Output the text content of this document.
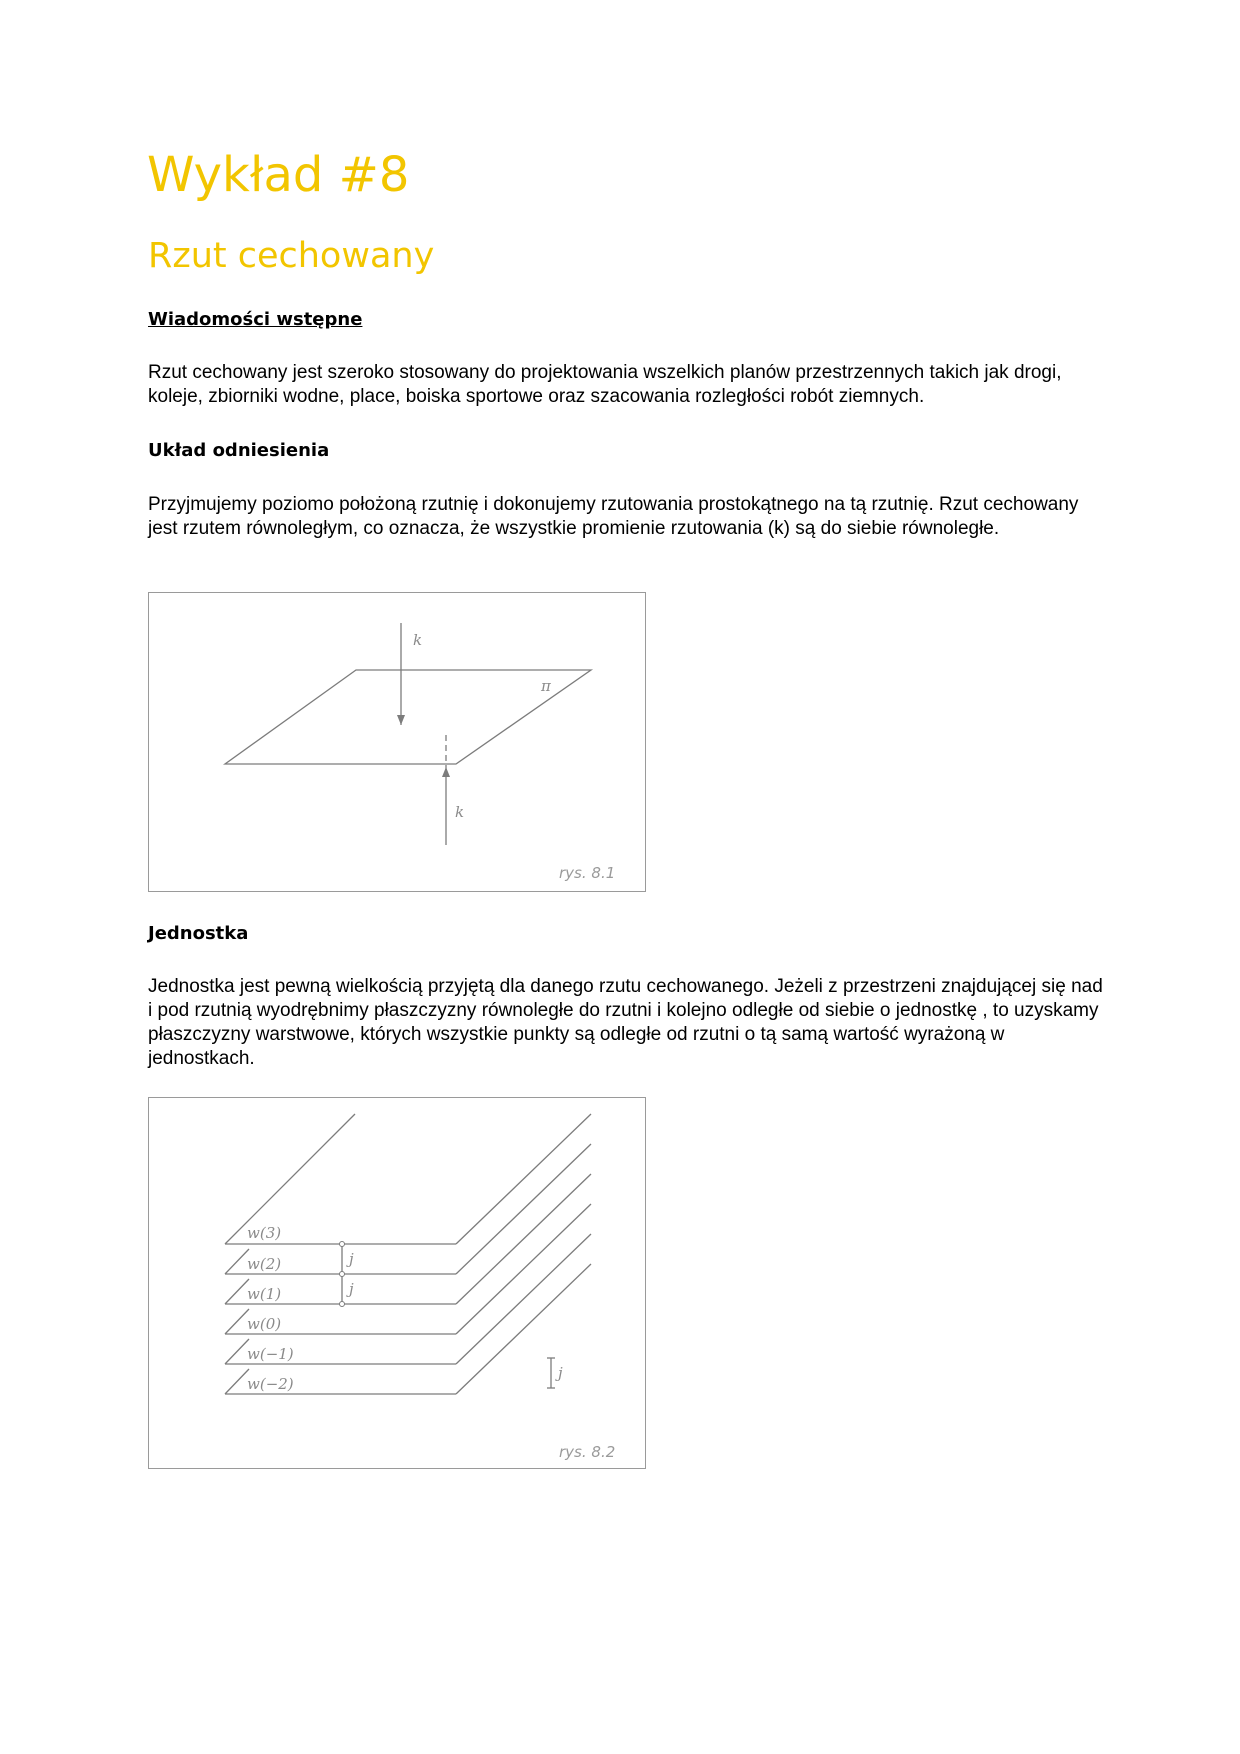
Wykład #8
Rzut cechowany
Wiadomości wstępne

Rzut cechowany jest szeroko stosowany do projektowania wszelkich planów przestrzennych takich jak drogi, koleje, zbiorniki wodne, place, boiska sportowe oraz szacowania rozległości robót ziemnych.

Układ odniesienia

Przyjmujemy poziomo położoną rzutnię i dokonujemy rzutowania prostokątnego na tą rzutnię. Rzut cechowany jest rzutem równoległym, co oznacza, że wszystkie promienie rzutowania (k) są do siebie równoległe.

k
π
k
rys. 8.1
Jednostka

Jednostka jest pewną wielkością przyjętą dla danego rzutu cechowanego. Jeżeli z przestrzeni znajdującej się nad i pod rzutnią wyodrębnimy płaszczyzny równoległe do rzutni i kolejno odległe od siebie o jednostkę , to uzyskamy płaszczyzny warstwowe, których wszystkie punkty są odległe od rzutni o tą samą wartość wyrażoną w jednostkach.

w(3)
w(2)
w(1)
w(0)
w(−1)
w(−2)
j
j
j
rys. 8.2
